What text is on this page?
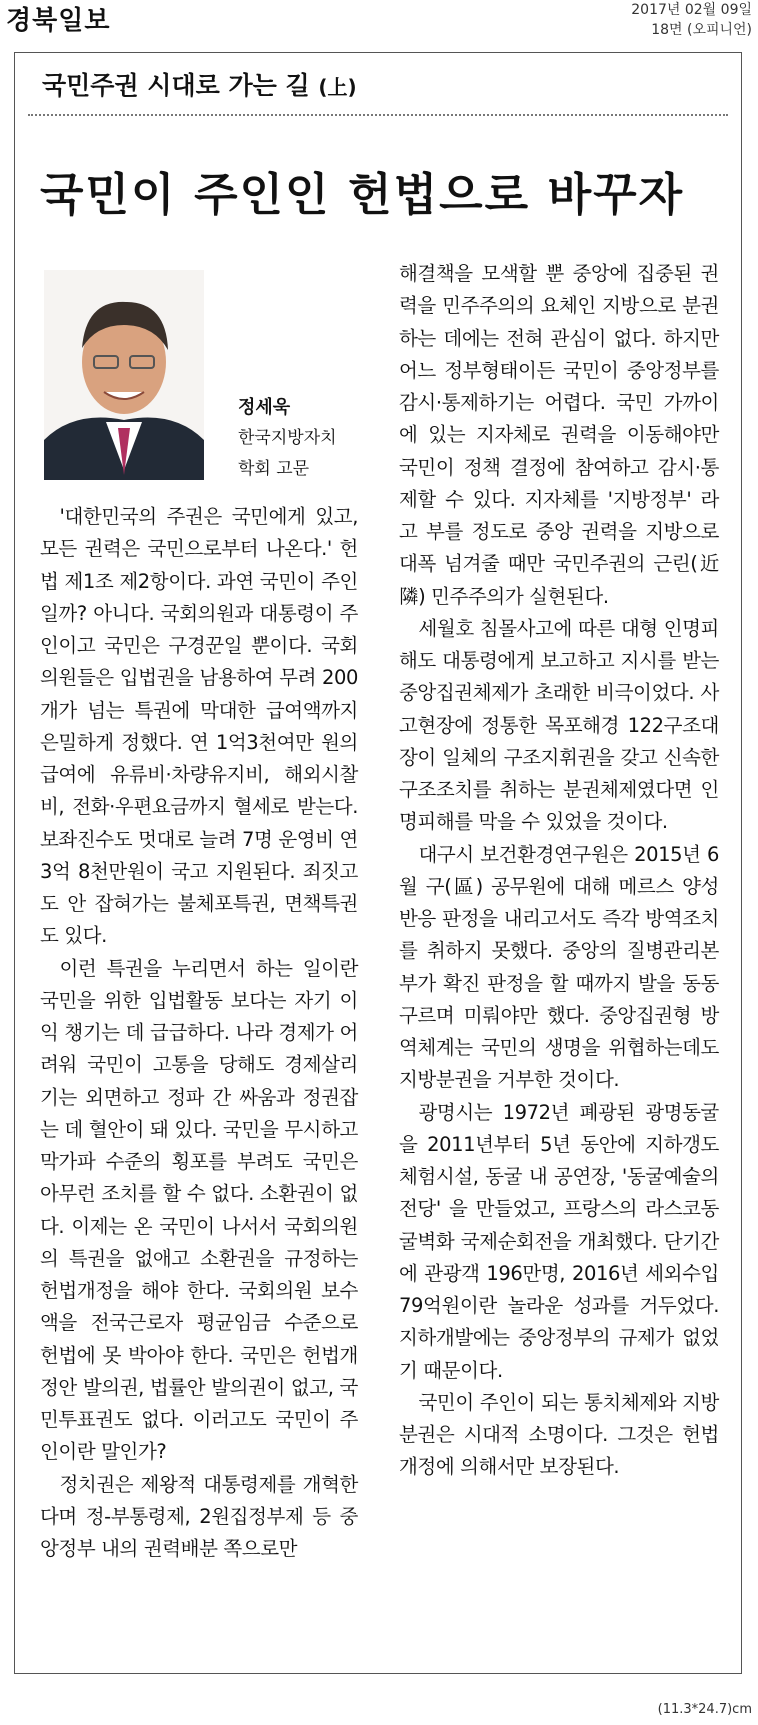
경북일보	2017년 02월 09일
18면 (오피니언)
국민주권 시대로 가는 길 (上)
국민이 주인인 헌법으로 바꾸자
정세욱
한국지방자치
학회 고문

'대한민국의 주권은 국민에게 있고, 모든 권력은 국민으로부터 나온다.' 헌법 제1조 제2항이다. 과연 국민이 주인일까? 아니다. 국회의원과 대통령이 주인이고 국민은 구경꾼일 뿐이다. 국회의원들은 입법권을 남용하여 무려 200개가 넘는 특권에 막대한 급여액까지 은밀하게 정했다. 연 1억3천여만 원의 급여에 유류비·차량유지비, 해외시찰비, 전화·우편요금까지 혈세로 받는다. 보좌진수도 멋대로 늘려 7명 운영비 연 3억 8천만원이 국고 지원된다. 죄짓고도 안 잡혀가는 불체포특권, 면책특권도 있다.

이런 특권을 누리면서 하는 일이란 국민을 위한 입법활동 보다는 자기 이익 챙기는 데 급급하다. 나라 경제가 어려워 국민이 고통을 당해도 경제살리기는 외면하고 정파 간 싸움과 정권잡는 데 혈안이 돼 있다. 국민을 무시하고 막가파 수준의 횡포를 부려도 국민은 아무런 조치를 할 수 없다. 소환권이 없다. 이제는 온 국민이 나서서 국회의원의 특권을 없애고 소환권을 규정하는 헌법개정을 해야 한다. 국회의원 보수액을 전국근로자 평균임금 수준으로 헌법에 못 박아야 한다. 국민은 헌법개정안 발의권, 법률안 발의권이 없고, 국민투표권도 없다. 이러고도 국민이 주인이란 말인가?

정치권은 제왕적 대통령제를 개혁한다며 정-부통령제, 2원집정부제 등 중앙정부 내의 권력배분 쪽으로만

해결책을 모색할 뿐 중앙에 집중된 권력을 민주주의의 요체인 지방으로 분권하는 데에는 전혀 관심이 없다. 하지만 어느 정부형태이든 국민이 중앙정부를 감시·통제하기는 어렵다. 국민 가까이에 있는 지자체로 권력을 이동해야만 국민이 정책 결정에 참여하고 감시·통제할 수 있다. 지자체를 '지방정부' 라고 부를 정도로 중앙 권력을 지방으로 대폭 넘겨줄 때만 국민주권의 근린(近隣) 민주주의가 실현된다.

세월호 침몰사고에 따른 대형 인명피해도 대통령에게 보고하고 지시를 받는 중앙집권체제가 초래한 비극이었다. 사고현장에 정통한 목포해경 122구조대장이 일체의 구조지휘권을 갖고 신속한 구조조치를 취하는 분권체제였다면 인명피해를 막을 수 있었을 것이다.

대구시 보건환경연구원은 2015년 6월 구(區) 공무원에 대해 메르스 양성반응 판정을 내리고서도 즉각 방역조치를 취하지 못했다. 중앙의 질병관리본부가 확진 판정을 할 때까지 발을 동동 구르며 미뤄야만 했다. 중앙집권형 방역체계는 국민의 생명을 위협하는데도 지방분권을 거부한 것이다.

광명시는 1972년 폐광된 광명동굴을 2011년부터 5년 동안에 지하갱도 체험시설, 동굴 내 공연장, '동굴예술의 전당' 을 만들었고, 프랑스의 라스코동굴벽화 국제순회전을 개최했다. 단기간에 관광객 196만명, 2016년 세외수입 79억원이란 놀라운 성과를 거두었다. 지하개발에는 중앙정부의 규제가 없었기 때문이다.

국민이 주인이 되는 통치체제와 지방분권은 시대적 소명이다. 그것은 헌법개정에 의해서만 보장된다.

(11.3*24.7)cm
